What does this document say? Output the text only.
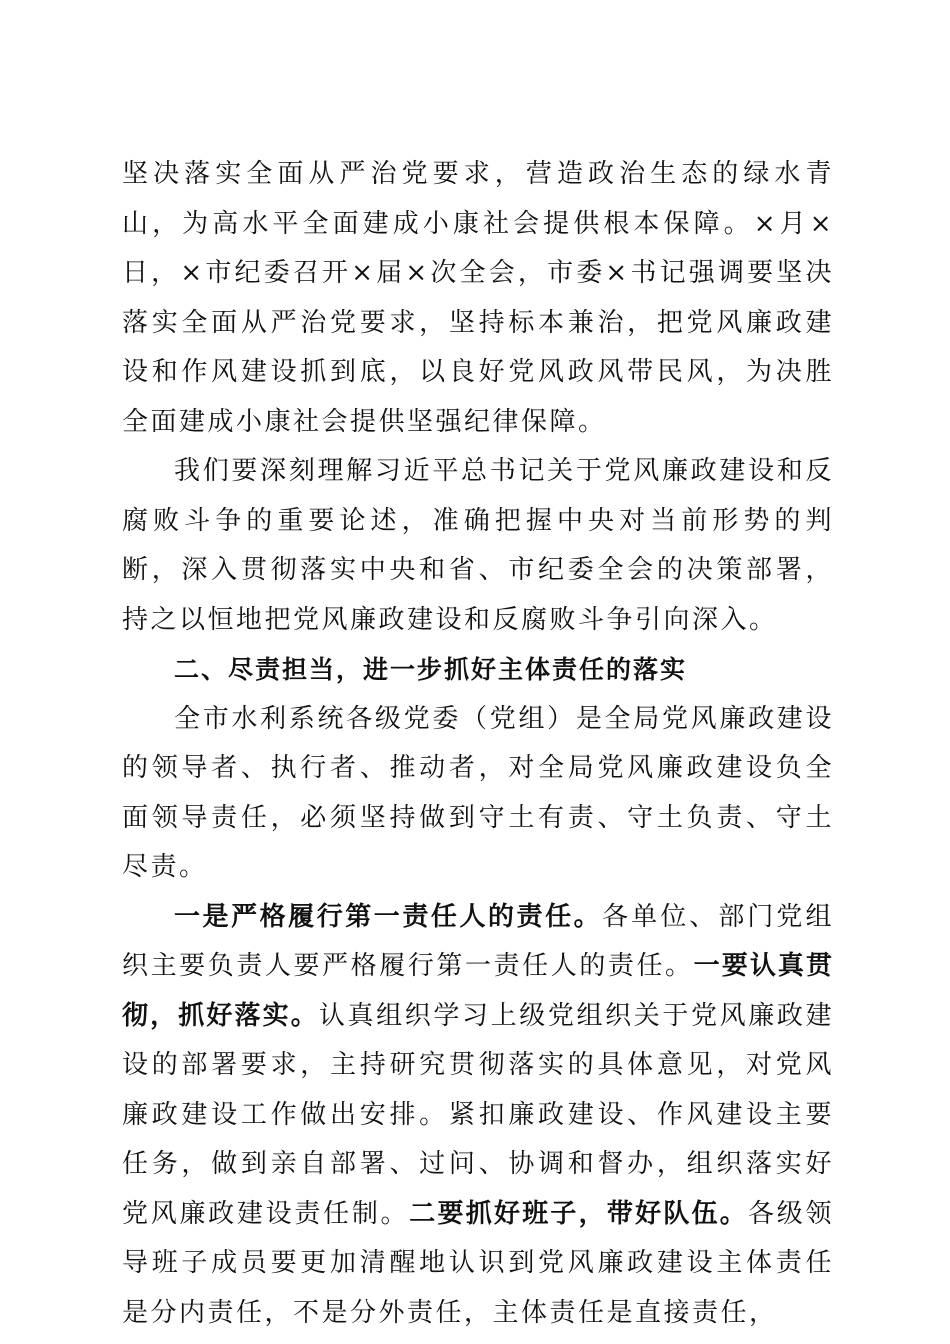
坚决落实全面从严治党要求，营造政治生态的绿水青山，为高水平全面建成小康社会提供根本保障。×月×日，×市纪委召开×届×次全会，市委×书记强调要坚决落实全面从严治党要求，坚持标本兼治，把党风廉政建设和作风建设抓到底，以良好党风政风带民风，为决胜全面建成小康社会提供坚强纪律保障。

我们要深刻理解习近平总书记关于党风廉政建设和反腐败斗争的重要论述，准确把握中央对当前形势的判断，深入贯彻落实中央和省、市纪委全会的决策部署，持之以恒地把党风廉政建设和反腐败斗争引向深入。

二、尽责担当，进一步抓好主体责任的落实

全市水利系统各级党委（党组）是全局党风廉政建设的领导者、执行者、推动者，对全局党风廉政建设负全面领导责任，必须坚持做到守土有责、守土负责、守土尽责。

一是严格履行第一责任人的责任。各单位、部门党组织主要负责人要严格履行第一责任人的责任。一要认真贯彻，抓好落实。认真组织学习上级党组织关于党风廉政建设的部署要求，主持研究贯彻落实的具体意见，对党风廉政建设工作做出安排。紧扣廉政建设、作风建设主要任务，做到亲自部署、过问、协调和督办，组织落实好党风廉政建设责任制。二要抓好班子，带好队伍。各级领导班子成员要更加清醒地认识到党风廉政建设主体责任是分内责任，不是分外责任，主体责任是直接责任，
